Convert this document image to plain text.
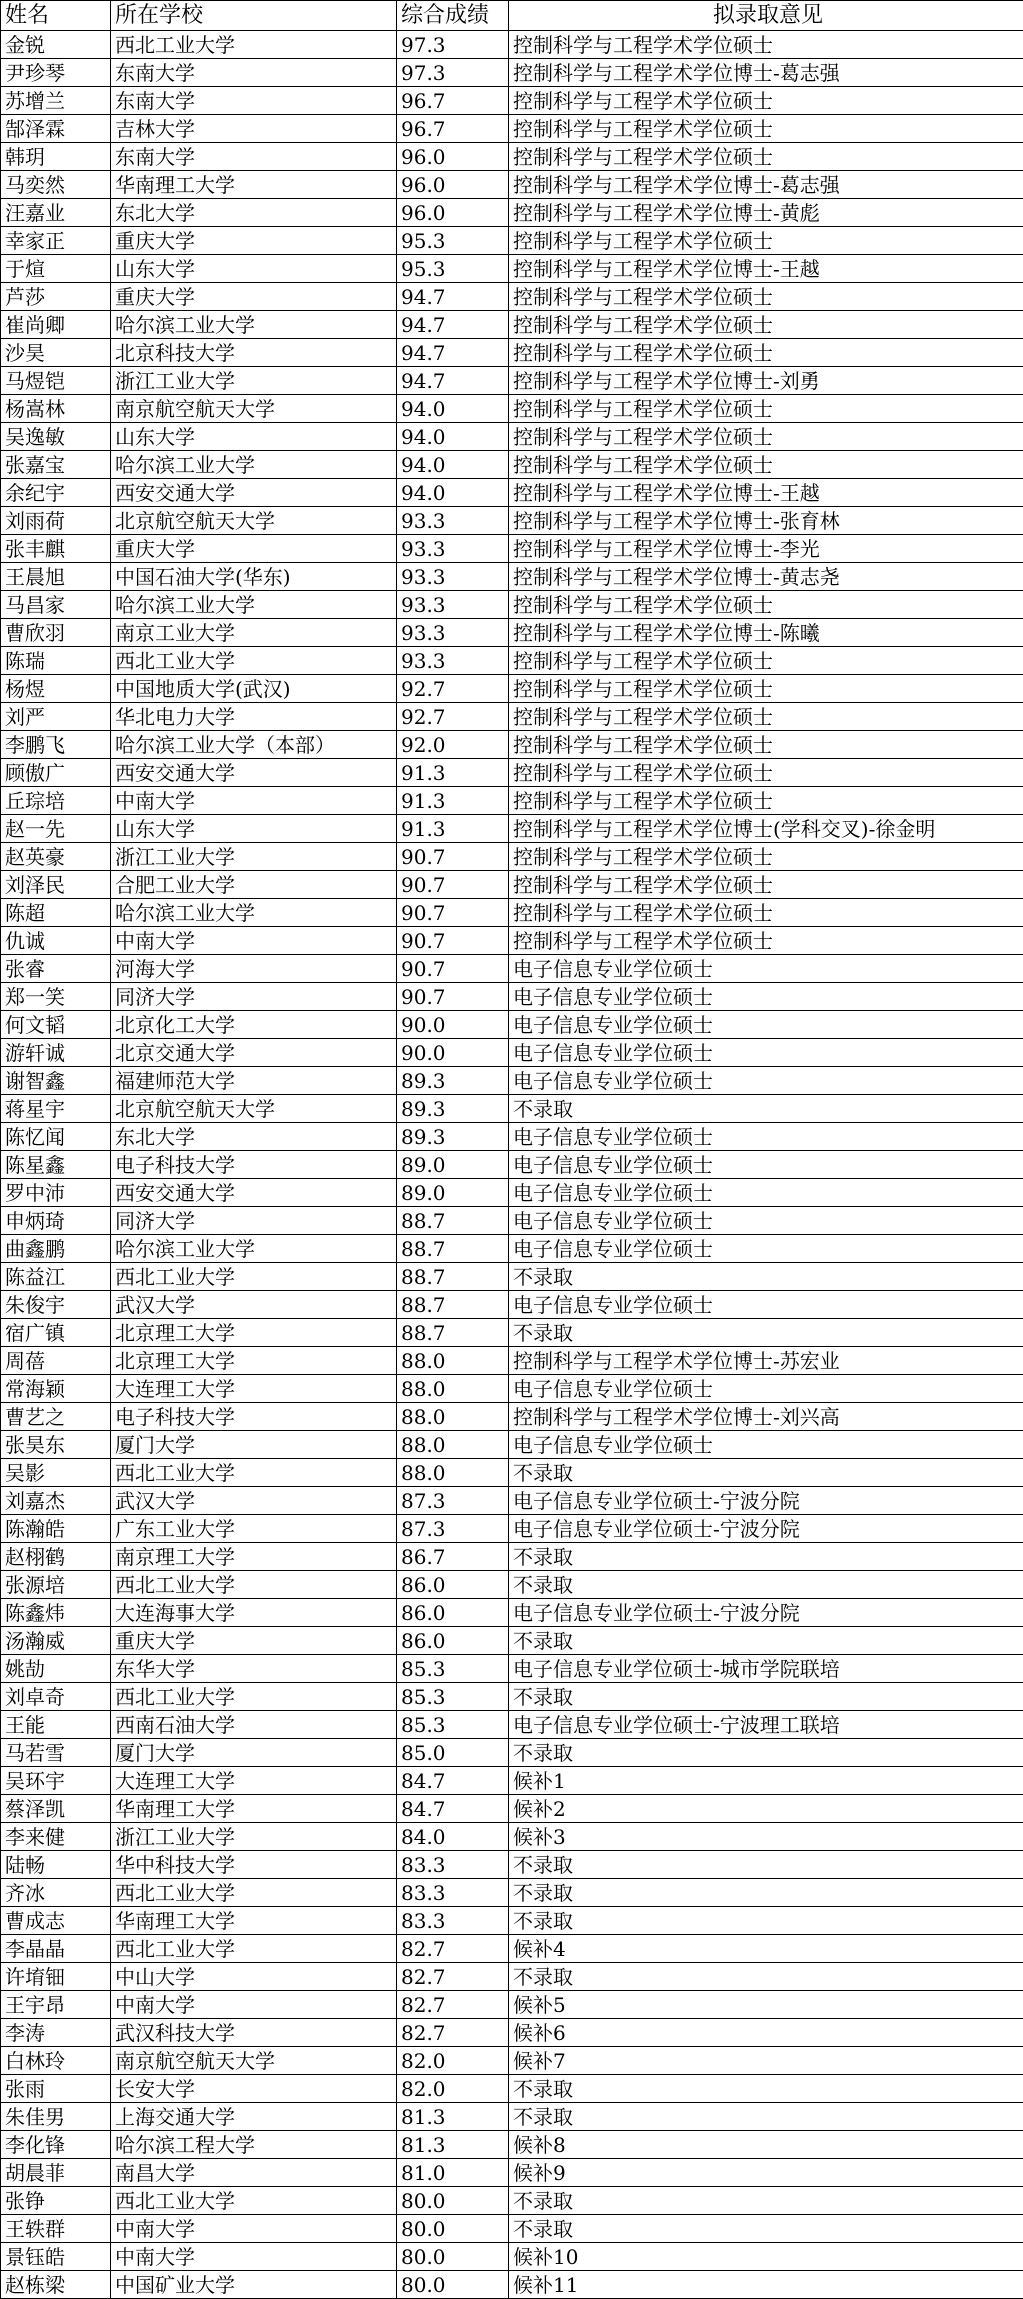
姓名	所在学校	综合成绩	拟录取意见
金锐	西北工业大学	97.3	控制科学与工程学术学位硕士
尹珍琴	东南大学	97.3	控制科学与工程学术学位博士-葛志强
苏增兰	东南大学	96.7	控制科学与工程学术学位硕士
郜泽霖	吉林大学	96.7	控制科学与工程学术学位硕士
韩玥	东南大学	96.0	控制科学与工程学术学位硕士
马奕然	华南理工大学	96.0	控制科学与工程学术学位博士-葛志强
汪嘉业	东北大学	96.0	控制科学与工程学术学位博士-黄彪
幸家正	重庆大学	95.3	控制科学与工程学术学位硕士
于煊	山东大学	95.3	控制科学与工程学术学位博士-王越
芦莎	重庆大学	94.7	控制科学与工程学术学位硕士
崔尚卿	哈尔滨工业大学	94.7	控制科学与工程学术学位硕士
沙昊	北京科技大学	94.7	控制科学与工程学术学位硕士
马煜铠	浙江工业大学	94.7	控制科学与工程学术学位博士-刘勇
杨嵩林	南京航空航天大学	94.0	控制科学与工程学术学位硕士
吴逸敏	山东大学	94.0	控制科学与工程学术学位硕士
张嘉宝	哈尔滨工业大学	94.0	控制科学与工程学术学位硕士
余纪宇	西安交通大学	94.0	控制科学与工程学术学位博士-王越
刘雨荷	北京航空航天大学	93.3	控制科学与工程学术学位博士-张育林
张丰麒	重庆大学	93.3	控制科学与工程学术学位博士-李光
王晨旭	中国石油大学(华东)	93.3	控制科学与工程学术学位博士-黄志尧
马昌家	哈尔滨工业大学	93.3	控制科学与工程学术学位硕士
曹欣羽	南京工业大学	93.3	控制科学与工程学术学位博士-陈曦
陈瑞	西北工业大学	93.3	控制科学与工程学术学位硕士
杨煜	中国地质大学(武汉)	92.7	控制科学与工程学术学位硕士
刘严	华北电力大学	92.7	控制科学与工程学术学位硕士
李鹏飞	哈尔滨工业大学（本部）	92.0	控制科学与工程学术学位硕士
顾傲广	西安交通大学	91.3	控制科学与工程学术学位硕士
丘琮培	中南大学	91.3	控制科学与工程学术学位硕士
赵一先	山东大学	91.3	控制科学与工程学术学位博士(学科交叉)-徐金明
赵英豪	浙江工业大学	90.7	控制科学与工程学术学位硕士
刘泽民	合肥工业大学	90.7	控制科学与工程学术学位硕士
陈超	哈尔滨工业大学	90.7	控制科学与工程学术学位硕士
仇诚	中南大学	90.7	控制科学与工程学术学位硕士
张睿	河海大学	90.7	电子信息专业学位硕士
郑一笑	同济大学	90.7	电子信息专业学位硕士
何文韬	北京化工大学	90.0	电子信息专业学位硕士
游轩诚	北京交通大学	90.0	电子信息专业学位硕士
谢智鑫	福建师范大学	89.3	电子信息专业学位硕士
蒋星宇	北京航空航天大学	89.3	不录取
陈忆闻	东北大学	89.3	电子信息专业学位硕士
陈星鑫	电子科技大学	89.0	电子信息专业学位硕士
罗中沛	西安交通大学	89.0	电子信息专业学位硕士
申炳琦	同济大学	88.7	电子信息专业学位硕士
曲鑫鹏	哈尔滨工业大学	88.7	电子信息专业学位硕士
陈益江	西北工业大学	88.7	不录取
朱俊宇	武汉大学	88.7	电子信息专业学位硕士
宿广镇	北京理工大学	88.7	不录取
周蓓	北京理工大学	88.0	控制科学与工程学术学位博士-苏宏业
常海颖	大连理工大学	88.0	电子信息专业学位硕士
曹艺之	电子科技大学	88.0	控制科学与工程学术学位博士-刘兴高
张昊东	厦门大学	88.0	电子信息专业学位硕士
吴影	西北工业大学	88.0	不录取
刘嘉杰	武汉大学	87.3	电子信息专业学位硕士-宁波分院
陈瀚皓	广东工业大学	87.3	电子信息专业学位硕士-宁波分院
赵栩鹤	南京理工大学	86.7	不录取
张源培	西北工业大学	86.0	不录取
陈鑫炜	大连海事大学	86.0	电子信息专业学位硕士-宁波分院
汤瀚威	重庆大学	86.0	不录取
姚劼	东华大学	85.3	电子信息专业学位硕士-城市学院联培
刘卓奇	西北工业大学	85.3	不录取
王能	西南石油大学	85.3	电子信息专业学位硕士-宁波理工联培
马若雪	厦门大学	85.0	不录取
吴环宇	大连理工大学	84.7	候补1
蔡泽凯	华南理工大学	84.7	候补2
李来健	浙江工业大学	84.0	候补3
陆畅	华中科技大学	83.3	不录取
齐冰	西北工业大学	83.3	不录取
曹成志	华南理工大学	83.3	不录取
李晶晶	西北工业大学	82.7	候补4
许堉钿	中山大学	82.7	不录取
王宇昂	中南大学	82.7	候补5
李涛	武汉科技大学	82.7	候补6
白林玲	南京航空航天大学	82.0	候补7
张雨	长安大学	82.0	不录取
朱佳男	上海交通大学	81.3	不录取
李化锋	哈尔滨工程大学	81.3	候补8
胡晨菲	南昌大学	81.0	候补9
张铮	西北工业大学	80.0	不录取
王轶群	中南大学	80.0	不录取
景钰皓	中南大学	80.0	候补10
赵栋梁	中国矿业大学	80.0	候补11
